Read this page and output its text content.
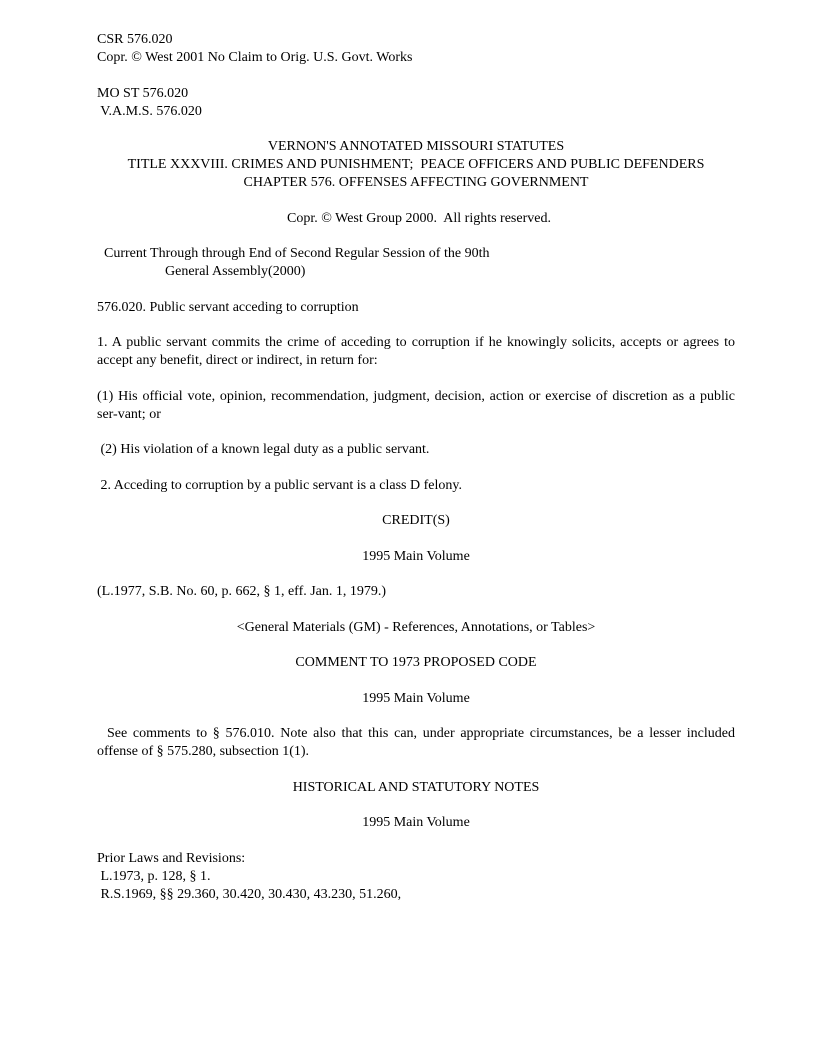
CSR 576.020
Copr. © West 2001 No Claim to Orig. U.S. Govt. Works
MO ST 576.020
V.A.M.S. 576.020
VERNON'S ANNOTATED MISSOURI STATUTES
TITLE XXXVIII. CRIMES AND PUNISHMENT;  PEACE OFFICERS AND PUBLIC DEFENDERS
CHAPTER 576. OFFENSES AFFECTING GOVERNMENT
Copr. © West Group 2000.  All rights reserved.
Current Through through End of Second Regular Session of the 90th
General Assembly(2000)
576.020. Public servant acceding to corruption
1. A public servant commits the crime of acceding to corruption if he knowingly solicits, accepts or agrees to accept any benefit, direct or indirect, in return for:
(1) His official vote, opinion, recommendation, judgment, decision, action or exercise of discretion as a public ser-vant; or
(2) His violation of a known legal duty as a public servant.
2. Acceding to corruption by a public servant is a class D felony.
CREDIT(S)
1995 Main Volume
(L.1977, S.B. No. 60, p. 662, § 1, eff. Jan. 1, 1979.)
<General Materials (GM) - References, Annotations, or Tables>
COMMENT TO 1973 PROPOSED CODE
1995 Main Volume
See comments to § 576.010. Note also that this can, under appropriate circumstances, be a lesser included offense of § 575.280, subsection 1(1).
HISTORICAL AND STATUTORY NOTES
1995 Main Volume
Prior Laws and Revisions:
L.1973, p. 128, § 1.
R.S.1969, §§ 29.360, 30.420, 30.430, 43.230, 51.260,
